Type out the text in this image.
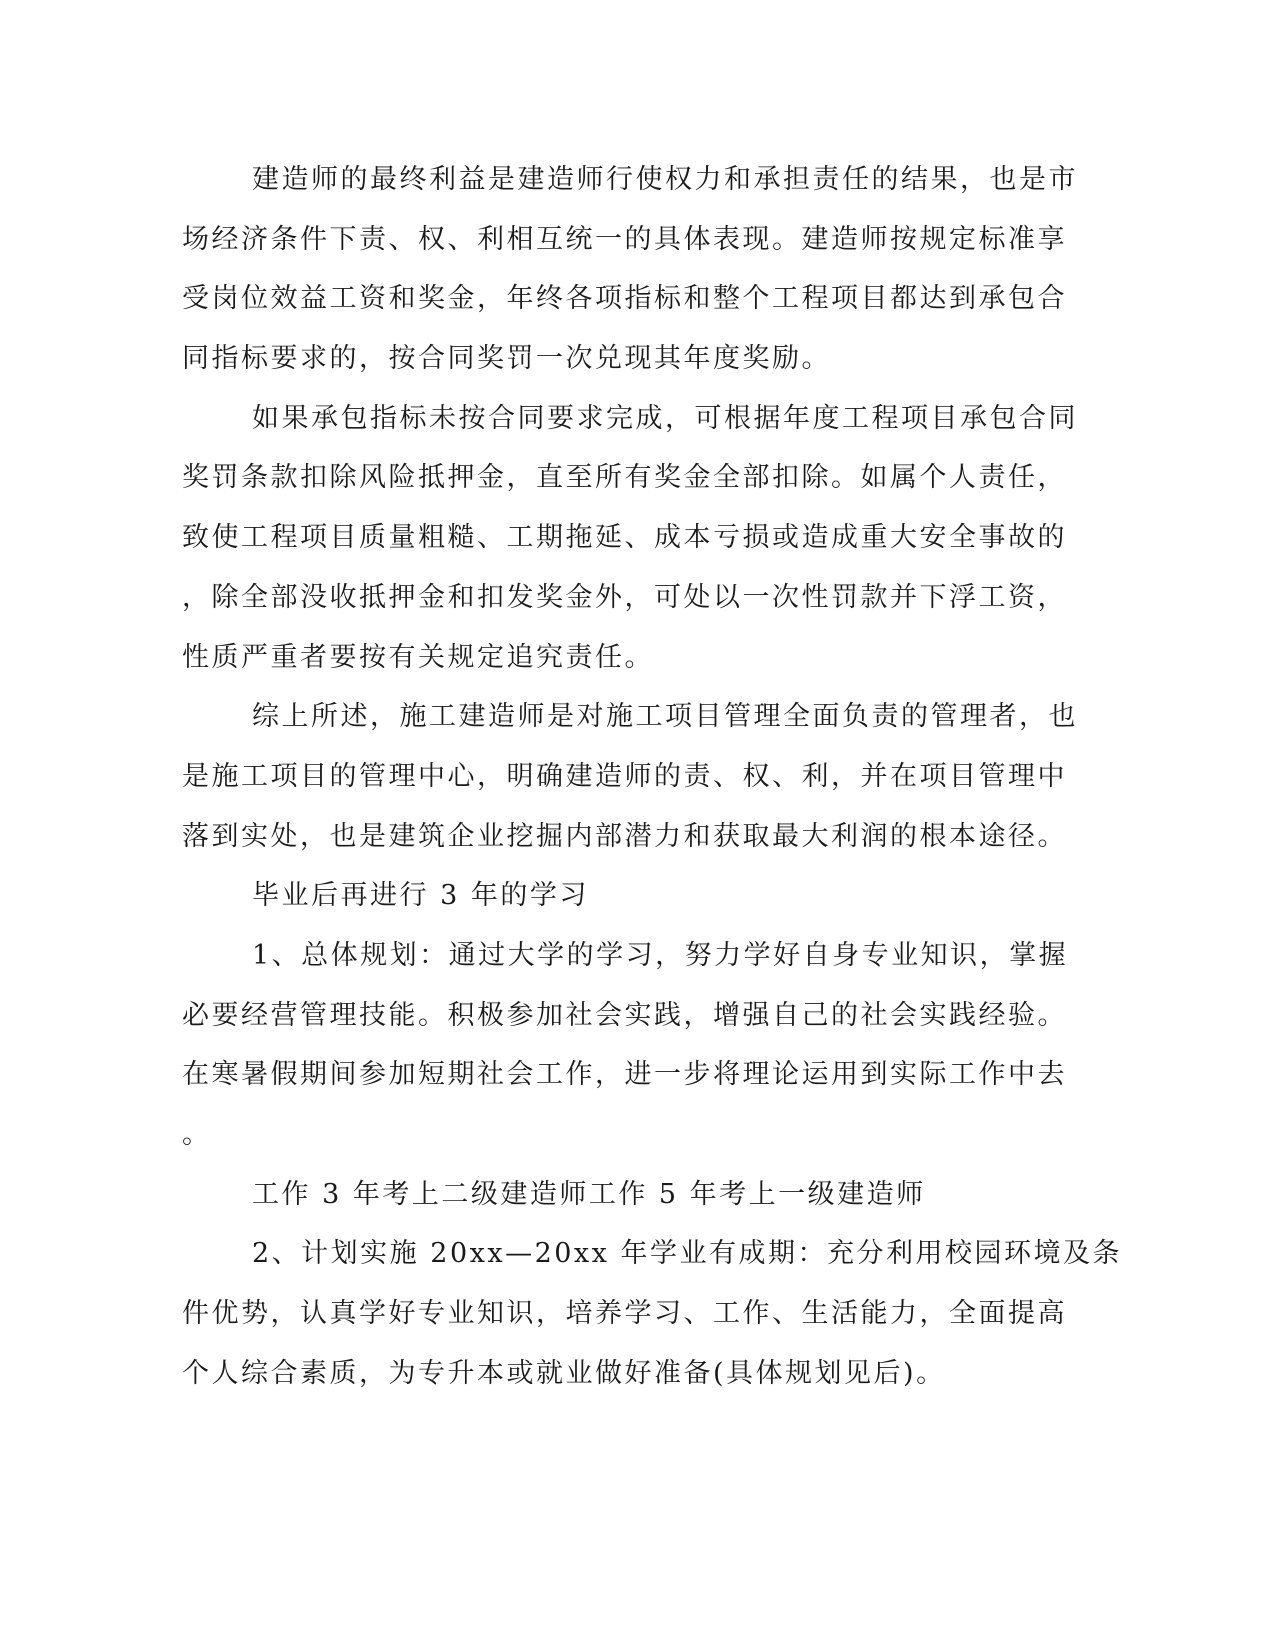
建造师的最终利益是建造师行使权力和承担责任的结果，也是市
场经济条件下责、权、利相互统一的具体表现。建造师按规定标准享
受岗位效益工资和奖金，年终各项指标和整个工程项目都达到承包合
同指标要求的，按合同奖罚一次兑现其年度奖励。
如果承包指标未按合同要求完成，可根据年度工程项目承包合同
奖罚条款扣除风险抵押金，直至所有奖金全部扣除。如属个人责任，
致使工程项目质量粗糙、工期拖延、成本亏损或造成重大安全事故的
，除全部没收抵押金和扣发奖金外，可处以一次性罚款并下浮工资，
性质严重者要按有关规定追究责任。
综上所述，施工建造师是对施工项目管理全面负责的管理者，也
是施工项目的管理中心，明确建造师的责、权、利，并在项目管理中
落到实处，也是建筑企业挖掘内部潜力和获取最大利润的根本途径。
毕业后再进行 3 年的学习
1、总体规划：通过大学的学习，努力学好自身专业知识，掌握
必要经营管理技能。积极参加社会实践，增强自己的社会实践经验。
在寒暑假期间参加短期社会工作，进一步将理论运用到实际工作中去
。
工作 3 年考上二级建造师工作 5 年考上一级建造师
2、计划实施 20xx—20xx 年学业有成期：充分利用校园环境及条
件优势，认真学好专业知识，培养学习、工作、生活能力，全面提高
个人综合素质，为专升本或就业做好准备(具体规划见后)。
